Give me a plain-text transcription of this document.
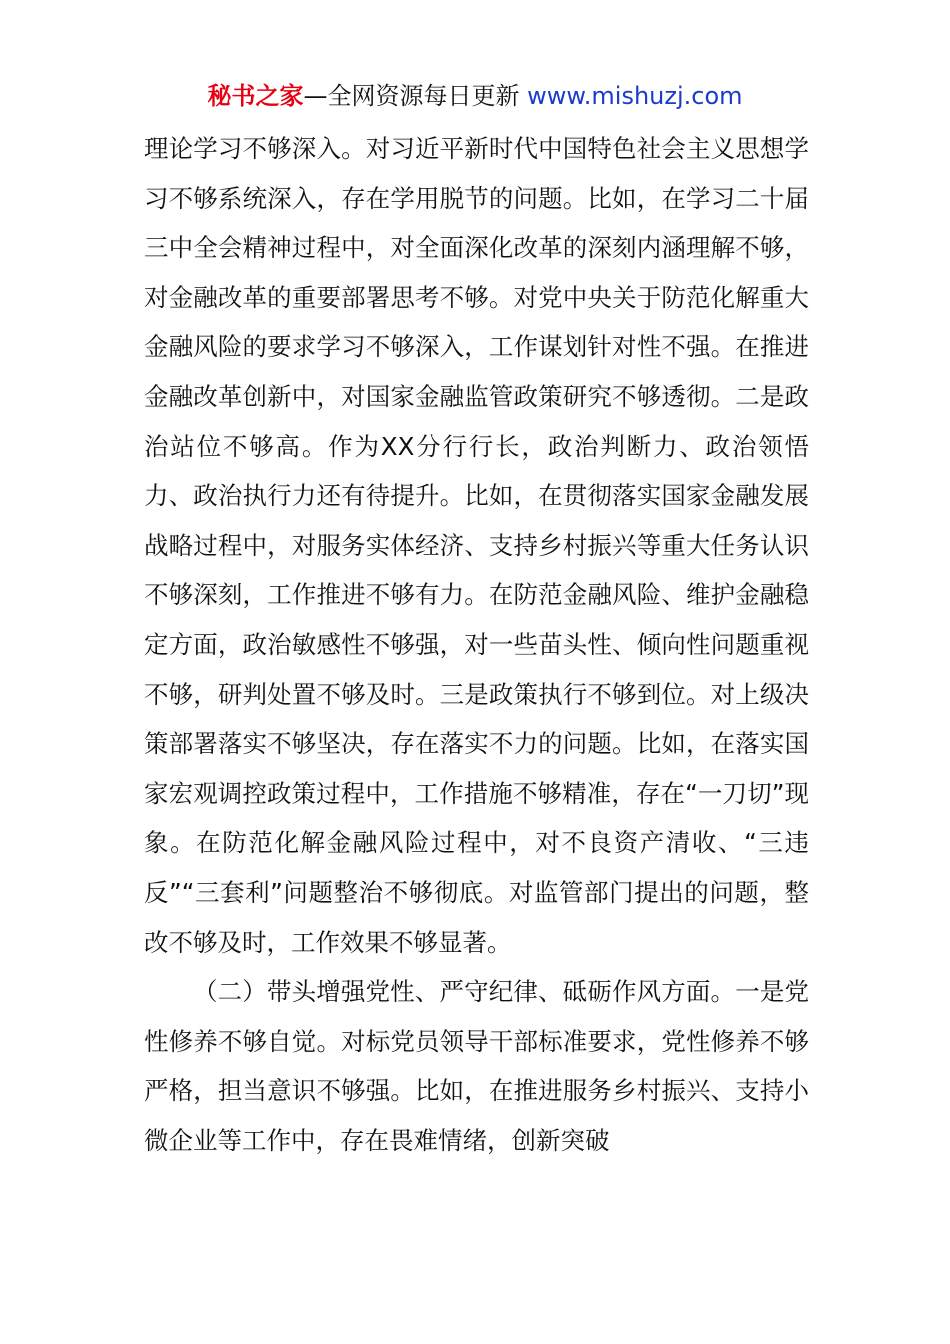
秘书之家—全网资源每日更新 www.mishuzj.com

理论学习不够深入。对习近平新时代中国特色社会主义思想学习不够系统深入，存在学用脱节的问题。比如，在学习二十届三中全会精神过程中，对全面深化改革的深刻内涵理解不够，对金融改革的重要部署思考不够。对党中央关于防范化解重大金融风险的要求学习不够深入，工作谋划针对性不强。在推进金融改革创新中，对国家金融监管政策研究不够透彻。二是政治站位不够高。作为XX分行行长，政治判断力、政治领悟力、政治执行力还有待提升。比如，在贯彻落实国家金融发展战略过程中，对服务实体经济、支持乡村振兴等重大任务认识不够深刻，工作推进不够有力。在防范金融风险、维护金融稳定方面，政治敏感性不够强，对一些苗头性、倾向性问题重视不够，研判处置不够及时。三是政策执行不够到位。对上级决策部署落实不够坚决，存在落实不力的问题。比如，在落实国家宏观调控政策过程中，工作措施不够精准，存在“一刀切”现象。在防范化解金融风险过程中，对不良资产清收、“三违反”“三套利”问题整治不够彻底。对监管部门提出的问题，整改不够及时，工作效果不够显著。

（二）带头增强党性、严守纪律、砥砺作风方面。一是党性修养不够自觉。对标党员领导干部标准要求，党性修养不够严格，担当意识不够强。比如，在推进服务乡村振兴、支持小微企业等工作中，存在畏难情绪，创新突破
